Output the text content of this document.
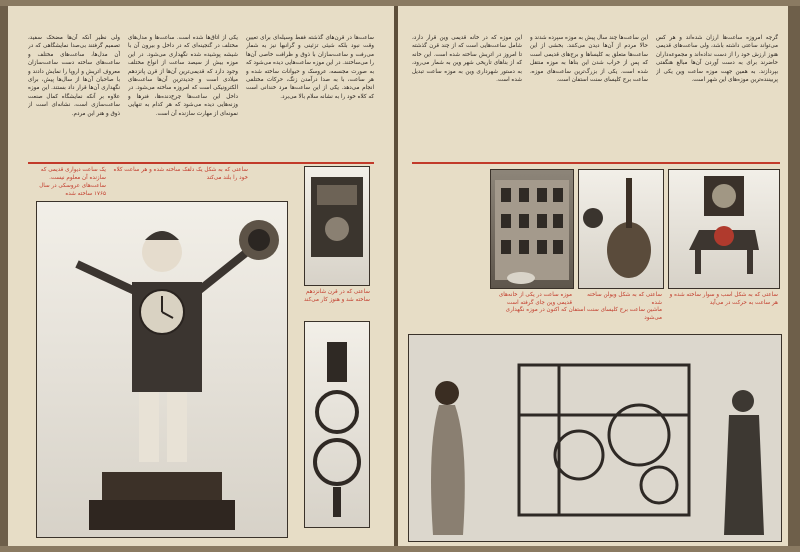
ولی نظیر آنکه آن‌ها مضحک سفید، تصمیم گرفتند بی‌صدا نمایشگاهی که در آن مدل‌ها، ساعت‌های مختلف و ساعت‌های ساخته دست ساعت‌سازان معروف اتریش و اروپا را نمایش دادند و با صاحبان آن‌ها از سال‌ها پیش، برای نگهداری آن‌ها قرار داد بستند. این موزه علاوه بر آنکه نمایشگاه کمال صنعت ساعت‌سازی است، نشانه‌ای است از ذوق و هنر این مردم.
یکی از اتاق‌ها شده است. ساعت‌ها و مدل‌های مختلف در گنجینه‌ای که در داخل و بیرون آن با شیشه پوشیده شده نگهداری می‌شود. در این موزه بیش از سیصد ساعت از انواع مختلف وجود دارد که قدیمی‌ترین آن‌ها از قرن پانزدهم میلادی است و جدیدترین آن‌ها ساعت‌های الکترونیکی است که امروزه ساخته می‌شود. در داخل این ساعت‌ها چرخ‌دنده‌ها، فنرها و وزنه‌هایی دیده می‌شود که هر کدام به تنهایی نمونه‌ای از مهارت سازنده آن است.
ساعت‌ها در قرن‌های گذشته فقط وسیله‌ای برای تعیین وقت نبود بلکه شیئی تزئینی و گرانبها نیز به شمار می‌رفت و ساعت‌سازان با ذوق و ظرافت خاصی آن‌ها را می‌ساختند. در این موزه ساعت‌هایی دیده می‌شود که به صورت مجسمه، عروسک و حیوانات ساخته شده و هر ساعت، با به صدا درآمدن زنگ، حرکات مختلفی انجام می‌دهد. یکی از این ساعت‌ها مرد خندانی است که کلاه خود را به نشانه سلام بالا می‌برد.
ساعتی که به شکل یک دلقک ساخته شده و هر ساعت کلاه خود را بلند می‌کند
یک ساعت دیواری قدیمی که سازنده آن معلوم نیست. ساعت‌های عروسکی در سال ۱۷۶۵ ساخته شده
ساعتی که در قرن شانزدهم ساخته شد و هنوز کار می‌کند
این موزه که در خانه قدیمی وین قرار دارد، شامل ساعت‌هایی است که از چند قرن گذشته تا امروز در اتریش ساخته شده است. این خانه که از بناهای تاریخی شهر وین به شمار می‌رود، به دستور شهرداری وین به موزه ساعت تبدیل شده است.
این ساعت‌ها چند سال پیش به موزه سپرده شدند و حالا مردم از آن‌ها دیدن می‌کنند. بخشی از این ساعت‌ها متعلق به کلیساها و برج‌های قدیمی است که پس از خراب شدن این بناها به موزه منتقل شده است. یکی از بزرگ‌ترین ساعت‌های موزه، ساعت برج کلیسای سنت استفان است.
گرچه امروزه ساعت‌ها ارزان شده‌اند و هر کس می‌تواند ساعتی داشته باشد، ولی ساعت‌های قدیمی هنوز ارزش خود را از دست نداده‌اند و مجموعه‌داران حاضرند برای به دست آوردن آن‌ها مبالغ هنگفتی بپردازند. به همین جهت موزه ساعت وین یکی از پربیننده‌ترین موزه‌های این شهر است.
موزه ساعت در یکی از خانه‌های قدیمی وین جای گرفته است
ساعتی که به شکل ویولن ساخته شده
ساعتی که به شکل اسب و سوار ساخته شده و هر ساعت به حرکت در می‌آید
ماشین ساعت برج کلیسای سنت استفان که اکنون در موزه نگهداری می‌شود
